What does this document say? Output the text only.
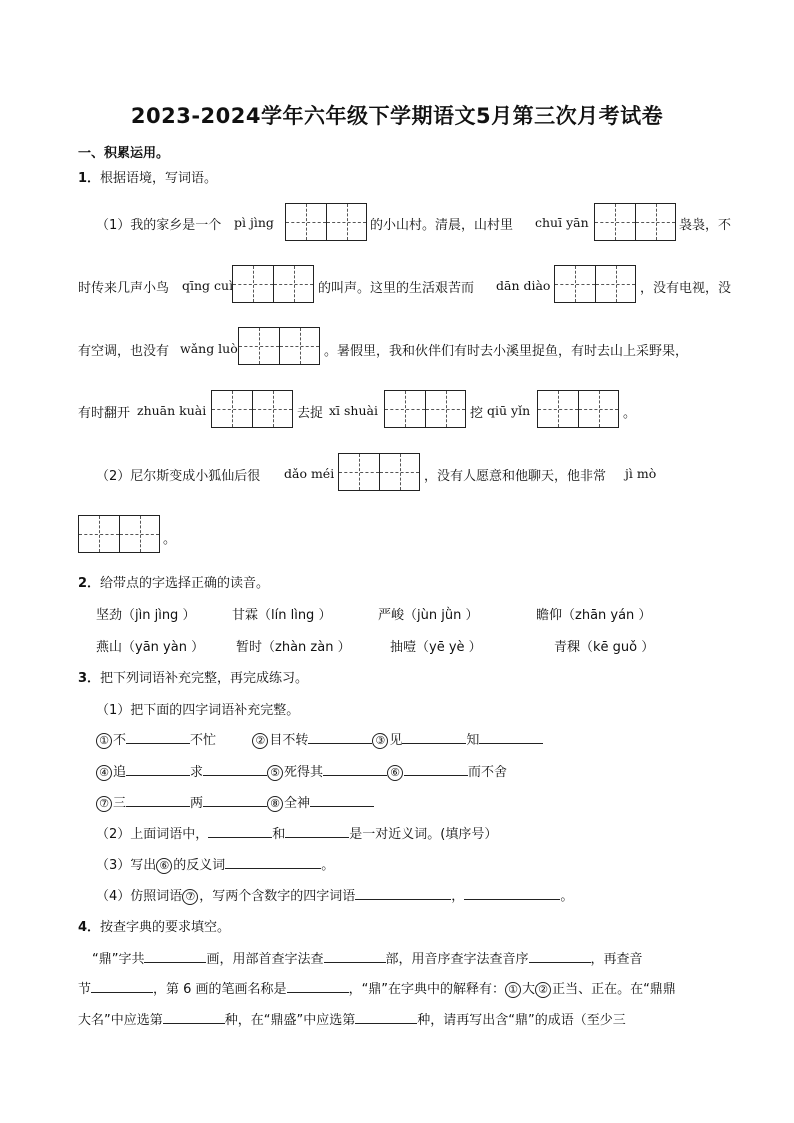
2023-2024学年六年级下学期语文5月第三次月考试卷
一、积累运用。
1．根据语境，写词语。
（1）我的家乡是一个 pì jìng	的小山村。清晨，山村里 chuī yān	袅袅，不
时传来几声小鸟 qīng cuì	的叫声。这里的生活艰苦而 dān diào	，没有电视，没
有空调，也没有 wǎng luò	。暑假里，我和伙伴们有时去小溪里捉鱼，有时去山上采野果，
有时翻开 zhuān kuài	去捉 xī shuài	挖 qiū yǐn	。
（2）尼尔斯变成小狐仙后很 dǎo méi	，没有人愿意和他聊天，他非常 jì mò
。
2．给带点的字选择正确的读音。
坚劲（jìn jìng ）	甘霖（lín lìng ）	严峻（jùn jǜn ）	瞻仰（zhān yán ）
燕山（yān yàn ） 暂时（zhàn zàn ）	抽噎（yē yè ）	青稞（kē guǒ ）
3．把下列词语补充完整，再完成练习。
（1）把下面的四字词语补充完整。
① 不	不忙	② 目不转	③ 见	知
④ 追	求	⑤ 死得其	⑥	而不舍
⑦ 三	两	⑧ 全神
（2）上面词语中，	和	是一对近义词。(填序号）
（3）写出 ⑥ 的反义词	。
（4）仿照词语 ⑦ ，写两个含数字的四字词语	，	。
4．按查字典的要求填空。
“鼎”字共	画，用部首查字法查	部，用音序查字法查音序	，再查音
节	，第 6 画的笔画名称是	，“鼎”在字典中的解释有： ① 大 ② 正当、正在。在“鼎鼎
大名”中应选第	种，在“鼎盛”中应选第	种，请再写出含“鼎”的成语（至少三
